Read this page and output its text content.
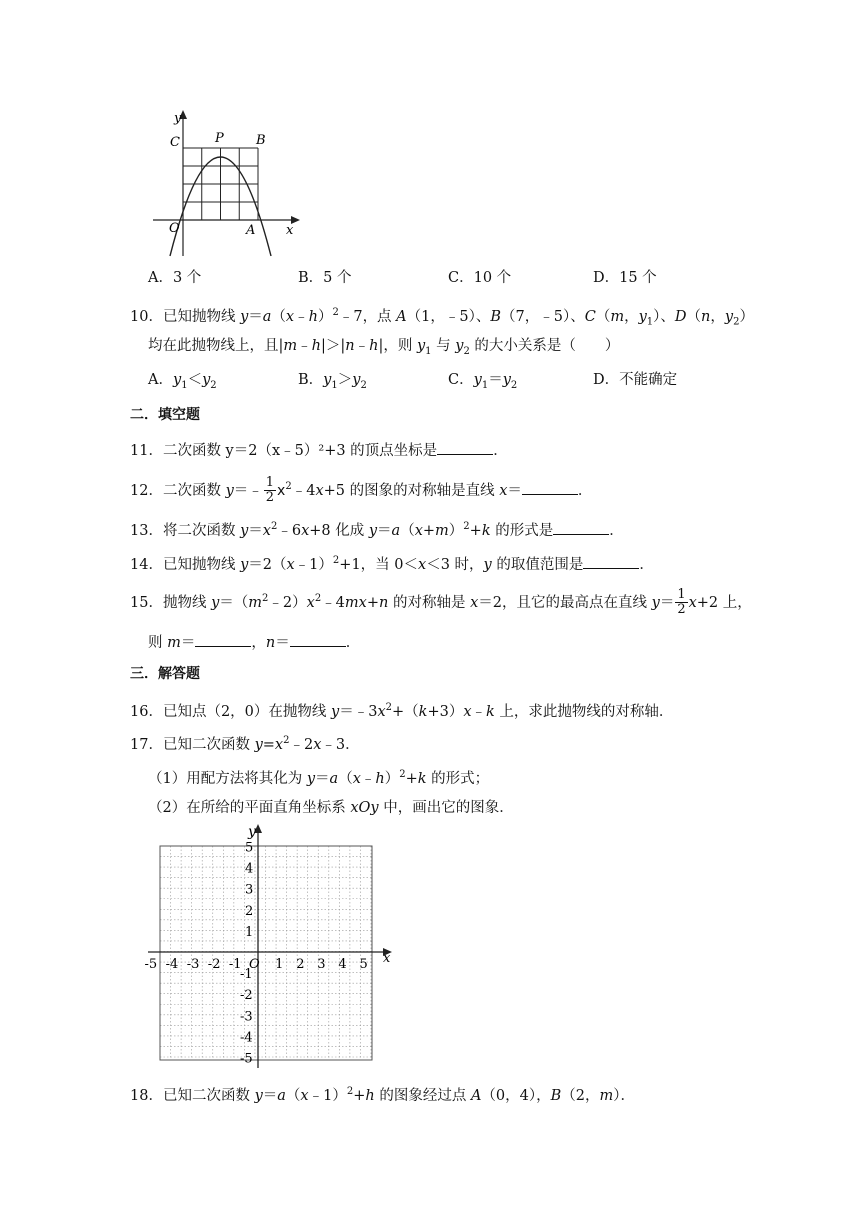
y
x
C	P B
O	A
A．3 个	B．5 个	C．10 个	D．15 个
10．已知抛物线 y＝a（x﹣h）$^2$﹣7，点 A（1，﹣5）、B（7，﹣5）、C（m，$y_1$）、D（n，$y_2$）
均在此抛物线上，且|m﹣h|＞|n﹣h|，则 $y_1$ 与 $y_2$ 的大小关系是（　　）
A．$y_1<y_2$	B．$y_1>y_2$	C．$y_1=y_2$	D．不能确定
二．填空题
11．二次函数 y＝2（x﹣5）²+3 的顶点坐标是	．
12．二次函数 y＝﹣ $\frac{1}{2}$ $x^2﹣4x+5$ 的图象的对称轴是直线 x＝	．
13．将二次函数 $y=x^2﹣6x+8$ 化成 $y=a(x+m)^2+k$ 的形式是	．
14．已知抛物线 y＝2（x﹣1）$^2$+1，当 0＜x＜3 时，y 的取值范围是	．
15．抛物线 $y=(m^2﹣2)x^2﹣4mx+n$ 的对称轴是 x＝2，且它的最高点在直线 $y= \frac{1}{2} x+2$ 上，
则 m＝	，n＝	．
三．解答题
16．已知点（2，0）在抛物线 $y=﹣3x^2+(k+3)x﹣k$ 上，求此抛物线的对称轴．
17．已知二次函数 $y=x^2﹣2x﹣3$．
（1）用配方法将其化为 y＝a（x﹣h）$^2$+k 的形式；
（2）在所给的平面直角坐标系 xOy 中，画出它的图象．
x
y
O
-5 -4 -3 -2 -1	1 2 3 4 5
5
4
3
2
1
-1
-2
-3
-4
-5
18．已知二次函数 y＝a（x﹣1）$^2$+h 的图象经过点 A（0，4），B（2，m）．
